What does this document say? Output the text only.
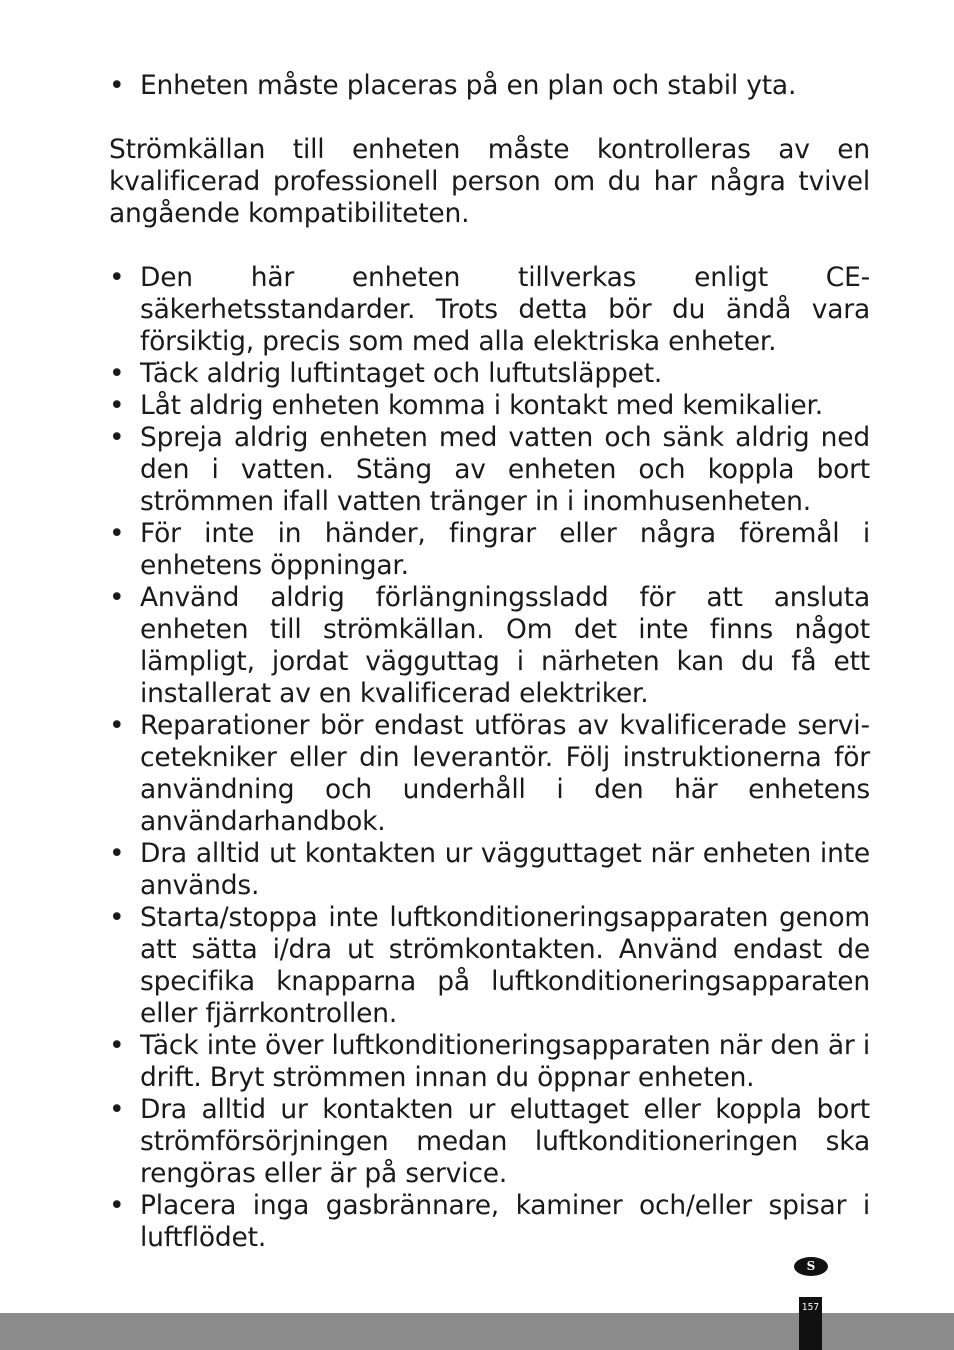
• Enheten måste placeras på en plan och stabil yta.

Strömkällan till enheten måste kontrolleras av en kvalificerad professionell person om du har några tvivel angående kompatibiliteten.

• Den här enheten tillverkas enligt CE-säkerhetsstandarder. Trots detta bör du ändå vara försiktig, precis som med alla elektriska enheter.
• Täck aldrig luftintaget och luftutsläppet.
• Låt aldrig enheten komma i kontakt med kemikalier.
• Spreja aldrig enheten med vatten och sänk aldrig ned den i vatten. Stäng av enheten och koppla bort strömmen ifall vatten tränger in i inomhusenheten.
• För inte in händer, fingrar eller några föremål i enhetens öppningar.
• Använd aldrig förlängningssladd för att ansluta enheten till strömkällan. Om det inte finns något lämpligt, jordat vägguttag i närheten kan du få ett installerat av en kvalificerad elektriker.
• Reparationer bör endast utföras av kvalificerade servicetekniker eller din leverantör. Följ instruktionerna för användning och underhåll i den här enhetens användarhandbok.
• Dra alltid ut kontakten ur vägguttaget när enheten inte används.
• Starta/stoppa inte luftkonditioneringsapparaten genom att sätta i/dra ut strömkontakten. Använd endast de specifika knapparna på luftkonditioneringsapparaten eller fjärrkontrollen.
• Täck inte över luftkonditioneringsapparaten när den är i drift. Bryt strömmen innan du öppnar enheten.
• Dra alltid ur kontakten ur eluttaget eller koppla bort strömförsörjningen medan luftkonditioneringen ska rengöras eller är på service.
• Placera inga gasbrännare, kaminer och/eller spisar i luftflödet.
S
157
